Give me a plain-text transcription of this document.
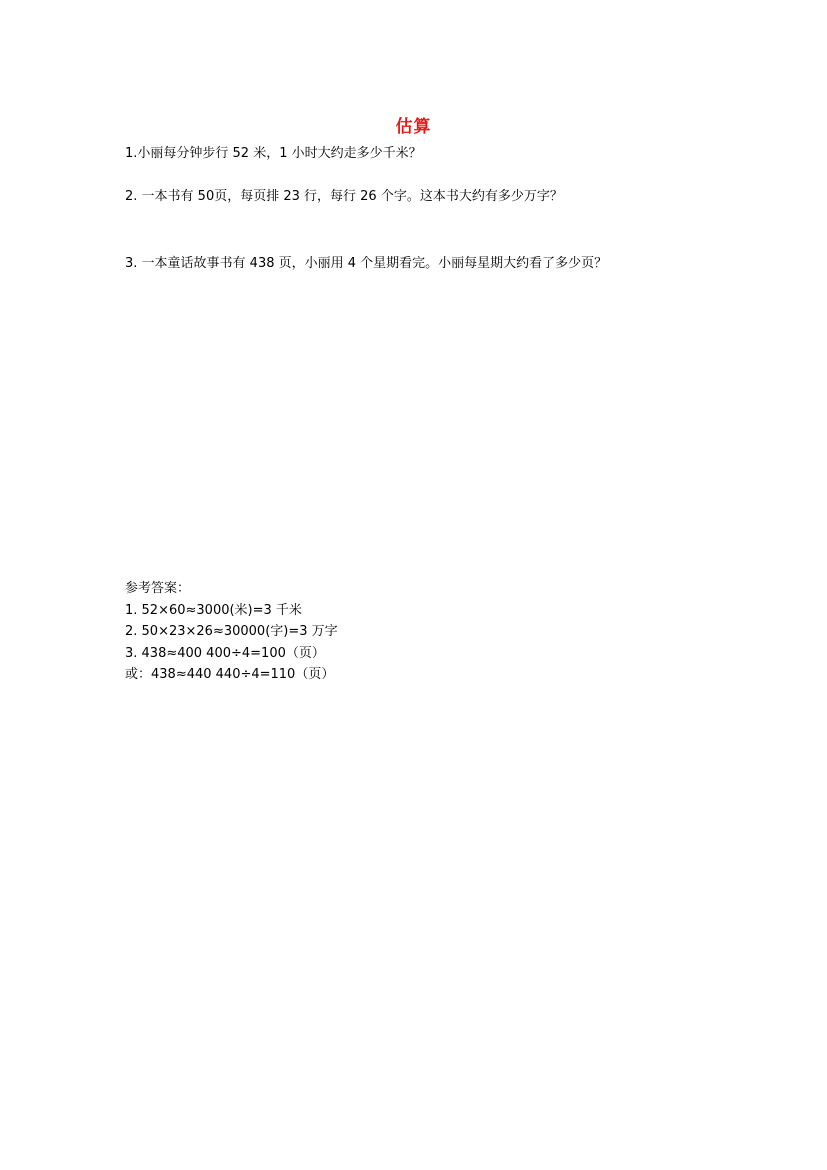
估算
1.小丽每分钟步行 52 米，1 小时大约走多少千米？
2. 一本书有 50页，每页排 23 行，每行 26 个字。这本书大约有多少万字？
3. 一本童话故事书有 438 页，小丽用 4 个星期看完。小丽每星期大约看了多少页？
参考答案：
1. 52×60≈3000(米)=3 千米
2. 50×23×26≈30000(字)=3 万字
3. 438≈400 400÷4=100（页）
或：438≈440 440÷4=110（页）
